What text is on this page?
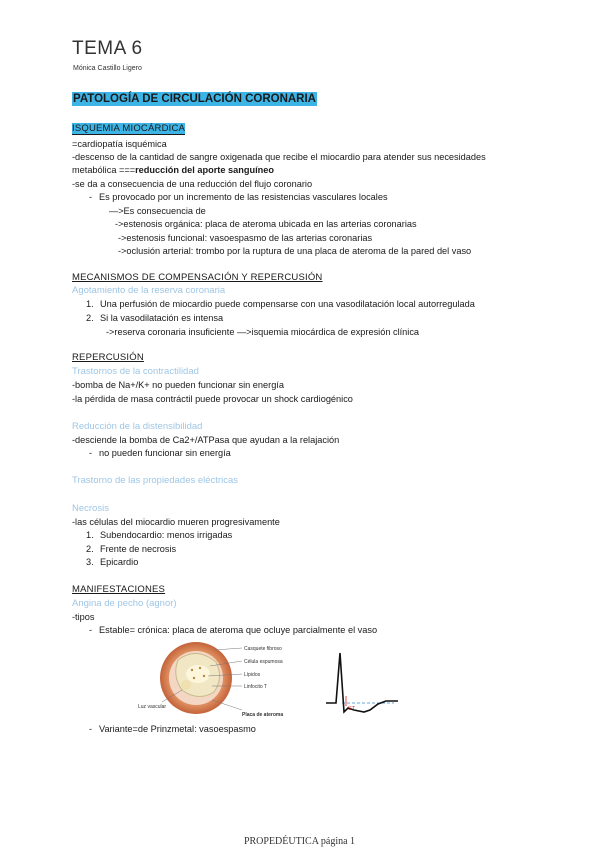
TEMA 6
Mónica Castillo Ligero
PATOLOGÍA DE CIRCULACIÓN CORONARIA
ISQUEMIA MIOCÁRDICA
=cardiopatía isquémica
-descenso de la cantidad de sangre oxigenada que recibe el miocardio para atender sus necesidades
metabólica ===reducción del aporte sanguíneo
-se da a consecuencia de una reducción del flujo coronario
- Es provocado por un incremento de las resistencias vasculares locales
—>Es consecuencia de
->estenosis orgánica: placa de ateroma ubicada en las arterias coronarias
->estenosis funcional: vasoespasmo de las arterias coronarias
->oclusión arterial: trombo por la ruptura de una placa de ateroma de la pared del vaso
MECANISMOS DE COMPENSACIÓN Y REPERCUSIÓN
Agotamiento de la reserva coronaria
1. Una perfusión de miocardio puede compensarse con una vasodilatación local autorregulada
2. Si la vasodilatación es intensa
->reserva coronaria insuficiente —>isquemia miocárdica de expresión clínica
REPERCUSIÓN
Trastornos de la contractilidad
-bomba de Na+/K+ no pueden funcionar sin energía
-la pérdida de masa contráctil puede provocar un shock cardiogénico
Reducción de la distensibilidad
-desciende la bomba de Ca2+/ATPasa que ayudan a la relajación
- no pueden funcionar sin energía
Trastorno de las propiedades eléctricas
Necrosis
-las células del miocardio mueren progresivamente
1. Subendocardio: menos irrigadas
2. Frente de necrosis
3. Epicardio
MANIFESTACIONES
Angina de pecho (agnor)
-tipos
- Estable= crónica: placa de ateroma que ocluye parcialmente el vaso
Casquete fibroso
Célula espumosa
Lípidos
Linfocito T
Luz vascular
Placa de ateroma
ST
- Variante=de Prinzmetal: vasoespasmo
PROPEDÉUTICA página 1
